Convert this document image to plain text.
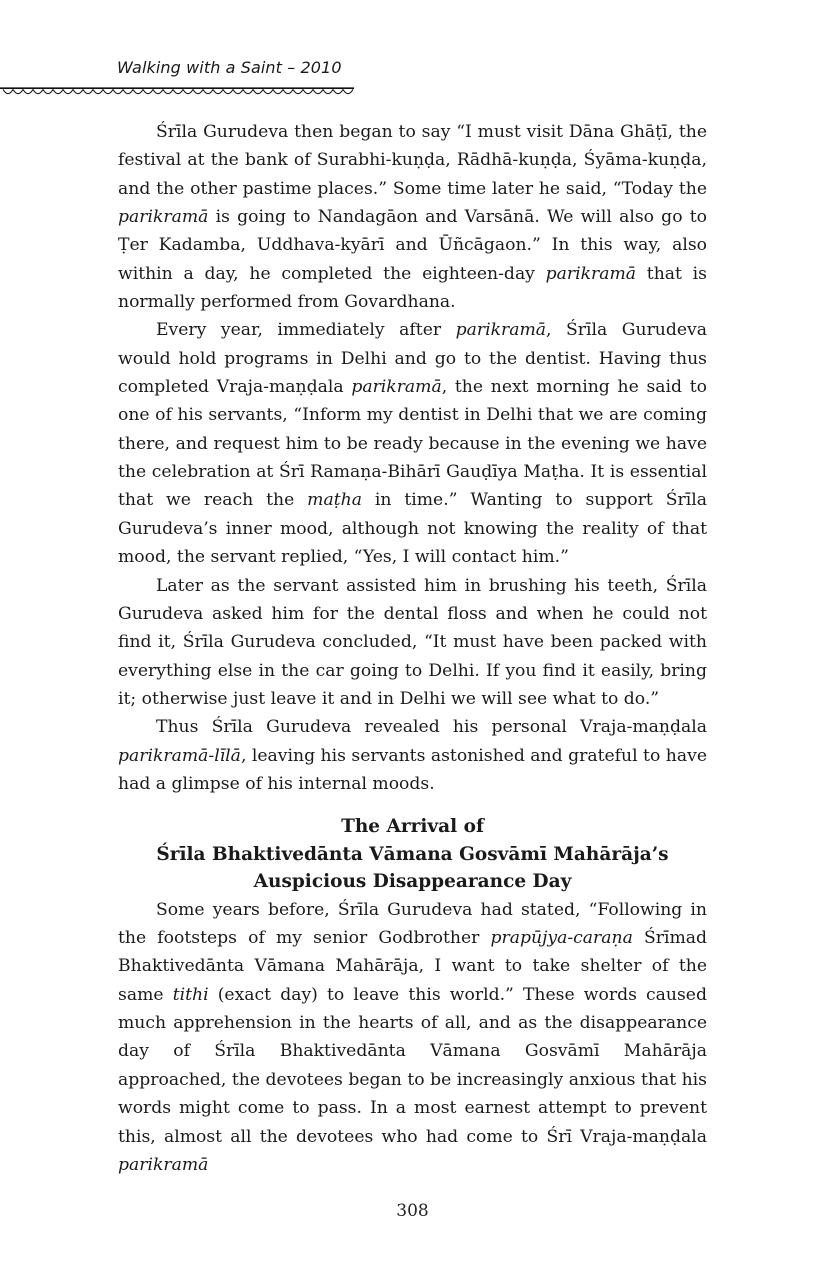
Walking with a Saint – 2010

Śrīla Gurudeva then began to say “I must visit Dāna Ghāṭī, the festival at the bank of Surabhi-kuṇḍa, Rādhā-kuṇḍa, Śyāma-kuṇḍa, and the other pastime places.” Some time later he said, “Today the parikramā is going to Nandagāon and Varsānā. We will also go to Ṭer Kadamba, Uddhava-kyārī and Ūñcāgaon.” In this way, also within a day, he completed the eighteen-day parikramā that is normally performed from Govardhana.

Every year, immediately after parikramā, Śrīla Gurudeva would hold programs in Delhi and go to the dentist. Having thus completed Vraja-maṇḍala parikramā, the next morning he said to one of his servants, “Inform my dentist in Delhi that we are coming there, and request him to be ready because in the evening we have the celebration at Śrī Ramaṇa-Bihārī Gauḍīya Maṭha. It is essential that we reach the maṭha in time.” Wanting to support Śrīla Gurudeva’s inner mood, although not knowing the reality of that mood, the servant replied, “Yes, I will contact him.”

Later as the servant assisted him in brushing his teeth, Śrīla Gurudeva asked him for the dental floss and when he could not find it, Śrīla Gurudeva concluded, “It must have been packed with everything else in the car going to Delhi. If you find it easily, bring it; otherwise just leave it and in Delhi we will see what to do.”

Thus Śrīla Gurudeva revealed his personal Vraja-maṇḍala parikramā-līlā, leaving his servants astonished and grateful to have had a glimpse of his internal moods.

The Arrival of
Śrīla Bhaktivedānta Vāmana Gosvāmī Mahārāja’s
Auspicious Disappearance Day

Some years before, Śrīla Gurudeva had stated, “Following in the footsteps of my senior Godbrother prapūjya-caraṇa Śrīmad Bhaktivedānta Vāmana Mahārāja, I want to take shelter of the same tithi (exact day) to leave this world.” These words caused much apprehension in the hearts of all, and as the disappearance day of Śrīla Bhaktivedānta Vāmana Gosvāmī Mahārāja approached, the devotees began to be increasingly anxious that his words might come to pass. In a most earnest attempt to prevent this, almost all the devotees who had come to Śrī Vraja-maṇḍala parikramā

308
